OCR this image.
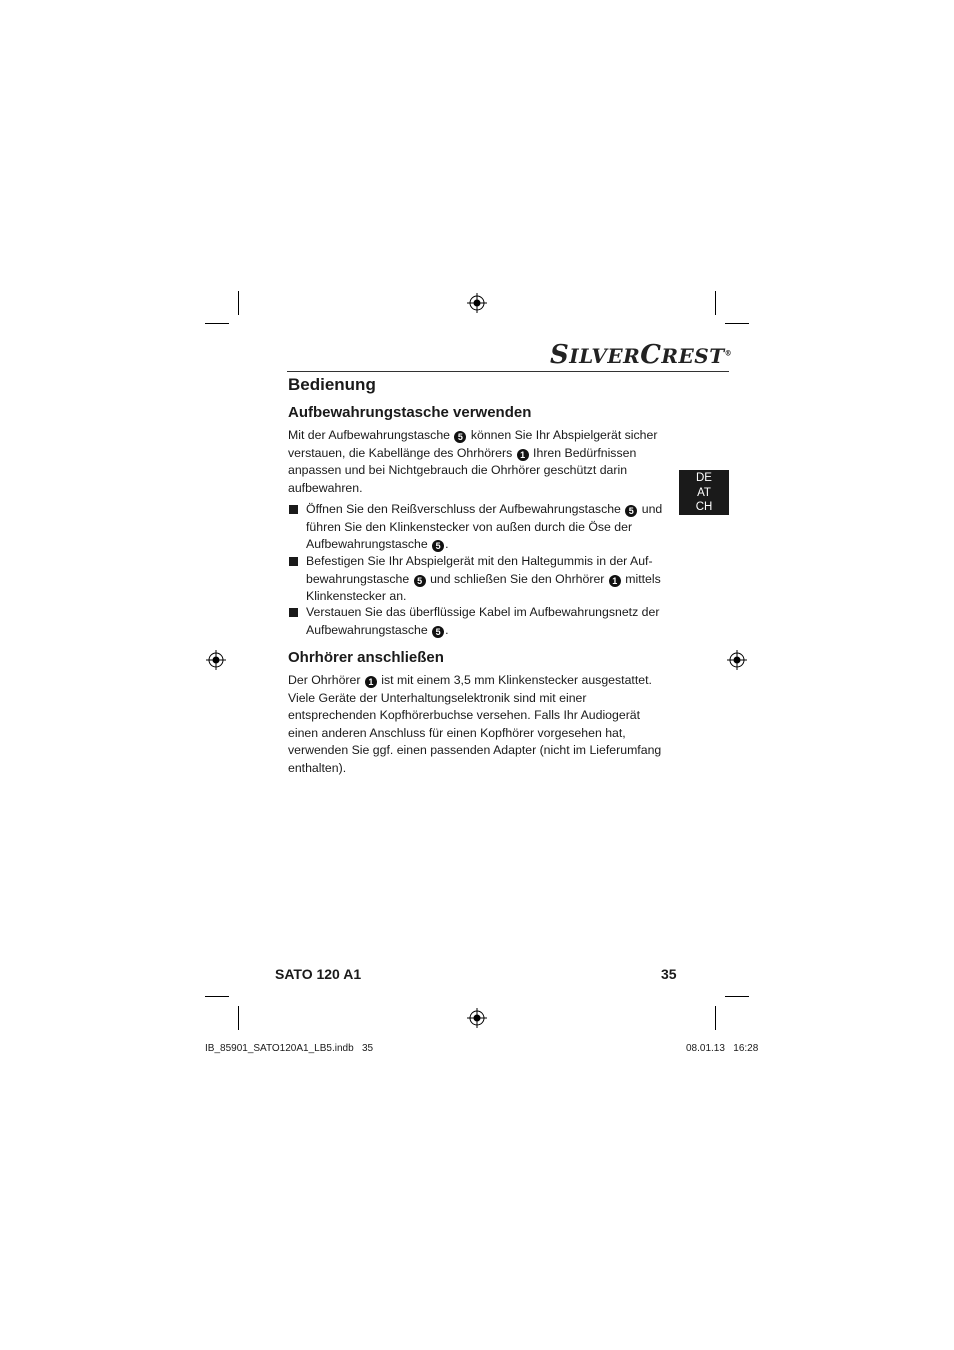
SILVERCREST®
Bedienung
DE
AT
CH
Aufbewahrungstasche verwenden
Mit der Aufbewahrungstasche 5 können Sie Ihr Abspielgerät sicher verstauen, die Kabellänge des Ohrhörers 1 Ihren Bedürfnissen anpassen und bei Nichtgebrauch die Ohrhörer geschützt darin aufbewahren.
Öffnen Sie den Reißverschluss der Aufbewahrungstasche 5 und führen Sie den Klinkenstecker von außen durch die Öse der Aufbewahrungstasche 5 .
Befestigen Sie Ihr Abspielgerät mit den Haltegummis in der Aufbewahrungstasche 5 und schließen Sie den Ohrhörer 1 mittels Klinkenstecker an.
Verstauen Sie das überflüssige Kabel im Aufbewahrungsnetz der Aufbewahrungstasche 5 .
Ohrhörer anschließen
Der Ohrhörer 1 ist mit einem 3,5 mm Klinkenstecker ausgestattet. Viele Geräte der Unterhaltungselektronik sind mit einer entsprechenden Kopfhörerbuchse versehen. Falls Ihr Audiogerät einen anderen Anschluss für einen Kopfhörer vorgesehen hat, verwenden Sie ggf. einen passenden Adapter (nicht im Lieferumfang enthalten).
SATO 120 A1	35
IB_85901_SATO120A1_LB5.indb   35	08.01.13   16:28
